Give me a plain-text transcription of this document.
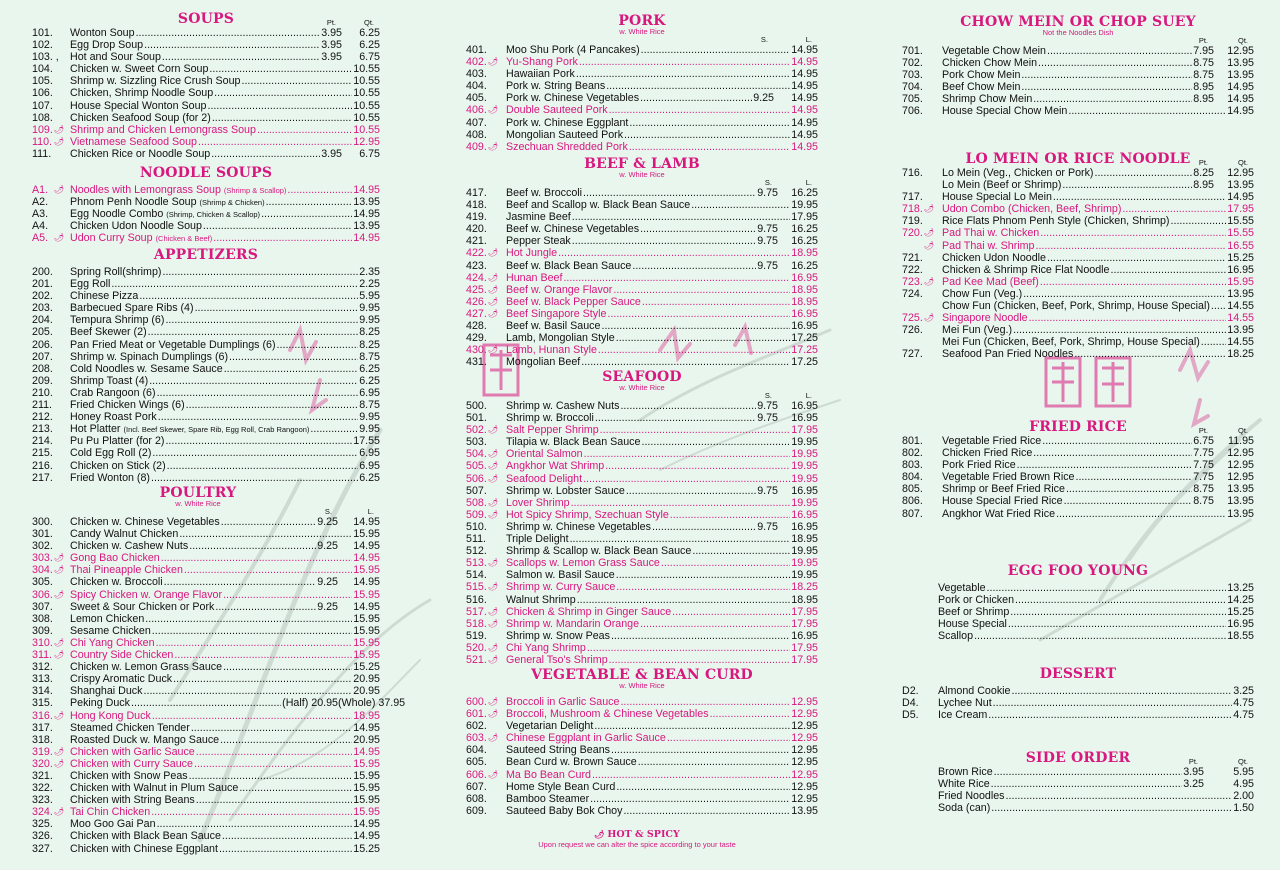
SOUPS	Pt.	Qt.
101. Wonton Soup .....	3.95	6.25
102. Egg Drop Soup .....	3.95	6.25
103. , Hot and Sour Soup .....	3.95	6.75
104. Chicken w. Sweet Corn Soup .....	10.55
105. Shrimp w. Sizzling Rice Crush Soup .....	10.55
106. Chicken, Shrimp Noodle Soup .....	10.55
107. House Special Wonton Soup .....	10.55
108. Chicken Seafood Soup (for 2) .....	10.55
109. 🌶 Shrimp and Chicken Lemongrass Soup .....	10.55
110. 🌶 Vietnamese Seafood Soup .....	12.95
111. Chicken Rice or Noodle Soup .....	3.95	6.75
NOODLE SOUPS
A1. 🌶 Noodles with Lemongrass Soup (Shrimp & Scallop) .....	14.95
A2. Phnom Penh Noodle Soup (Shrimp & Chicken) .....	13.95
A3. Egg Noodle Combo (Shrimp, Chicken & Scallop) .....	14.95
A4. Chicken Udon Noodle Soup .....	13.95
A5. 🌶 Udon Curry Soup (Chicken & Beef) .....	14.95
APPETIZERS
200. Spring Roll(shrimp) .....	2.35
201. Egg Roll .....	2.25
202. Chinese Pizza .....	5.95
203. Barbecued Spare Ribs (4) .....	9.95
204. Tempura Shrimp (6) .....	9.95
205. Beef Skewer (2) .....	8.25
206. Pan Fried Meat or Vegetable Dumplings (6) .....	8.25
207. Shrimp w. Spinach Dumplings (6) .....	8.75
208. Cold Noodles w. Sesame Sauce .....	6.25
209. Shrimp Toast (4) .....	6.25
210. Crab Rangoon (6) .....	6.95
211. Fried Chicken Wings (6) .....	8.75
212. Honey Roast Pork .....	9.95
213. Hot Platter (Incl. Beef Skewer, Spare Rib, Egg Roll, Crab Rangoon) .....	9.95
214. Pu Pu Platter (for 2) .....	17.55
215. Cold Egg Roll (2) .....	6.95
216. Chicken on Stick (2) .....	6.95
217. Fried Wonton (8) .....	6.25
POULTRY
w. White Rice
S.	L.
300. Chicken w. Chinese Vegetables .....	9.25	14.95
301. Candy Walnut Chicken .....	15.95
302. Chicken w. Cashew Nuts .....	9.25	14.95
303. 🌶 Gong Bao Chicken .....	14.95
304. 🌶 Thai Pineapple Chicken .....	15.95
305. Chicken w. Broccoli .....	9.25	14.95
306. 🌶 Spicy Chicken w. Orange Flavor .....	15.95
307. Sweet & Sour Chicken or Pork .....	9.25	14.95
308. Lemon Chicken .....	15.95
309. Sesame Chicken .....	15.95
310. 🌶 Chi Yang Chicken .....	15.95
311. 🌶 Country Side Chicken .....	15.95
312. Chicken w. Lemon Grass Sauce .....	15.25
313. Crispy Aromatic Duck .....	20.95
314. Shanghai Duck .....	20.95
315. Peking Duck .....	(Half) 20.95 (Whole) 37.95
316. 🌶 Hong Kong Duck .....	18.95
317. Steamed Chicken Tender .....	14.95
318. Roasted Duck w. Mango Sauce .....	20.95
319. 🌶 Chicken with Garlic Sauce .....	14.95
320. 🌶 Chicken with Curry Sauce .....	15.95
321. Chicken with Snow Peas .....	15.95
322. Chicken with Walnut in Plum Sauce .....	15.95
323. Chicken with String Beans .....	15.95
324. 🌶 Tai Chin Chicken .....	15.95
325. Moo Goo Gai Pan .....	14.95
326. Chicken with Black Bean Sauce .....	14.95
327. Chicken with Chinese Eggplant .....	15.25
PORK
w. White Rice
S.	L.
401. Moo Shu Pork (4 Pancakes) .....	14.95
402. 🌶 Yu-Shang Pork .....	14.95
403. Hawaiian Pork .....	14.95
404. Pork w. String Beans .....	14.95
405. Pork w. Chinese Vegetables .....	9.25	14.95
406. 🌶 Double Sauteed Pork .....	14.95
407. Pork w. Chinese Eggplant .....	14.95
408. Mongolian Sauteed Pork .....	14.95
409. 🌶 Szechuan Shredded Pork .....	14.95
BEEF & LAMB
w. White Rice
S.	L.
417. Beef w. Broccoli .....	9.75	16.25
418. Beef and Scallop w. Black Bean Sauce .....	19.95
419. Jasmine Beef .....	17.95
420. Beef w. Chinese Vegetables .....	9.75	16.25
421. Pepper Steak .....	9.75	16.25
422. 🌶 Hot Jungle .....	18.95
423. Beef w. Black Bean Sauce .....	9.75	16.25
424. 🌶 Hunan Beef .....	16.95
425. 🌶 Beef w. Orange Flavor .....	18.95
426. 🌶 Beef w. Black Pepper Sauce .....	18.95
427. 🌶 Beef Singapore Style .....	16.95
428. Beef w. Basil Sauce .....	16.95
429. Lamb, Mongolian Style .....	17.25
430. 🌶 Lamb, Hunan Style .....	17.25
431. Mongolian Beef .....	17.25
SEAFOOD
w. White Rice
S.	L.
500. Shrimp w. Cashew Nuts .....	9.75	16.95
501. Shrimp w. Broccoli .....	9.75	16.95
502. 🌶 Salt Pepper Shrimp .....	17.95
503. Tilapia w. Black Bean Sauce .....	19.95
504. 🌶 Oriental Salmon .....	19.95
505. 🌶 Angkhor Wat Shrimp .....	19.95
506. 🌶 Seafood Delight .....	19.95
507. Shrimp w. Lobster Sauce .....	9.75	16.95
508. 🌶 Lover Shrimp .....	19.95
509. 🌶 Hot Spicy Shrimp, Szechuan Style .....	16.95
510. Shrimp w. Chinese Vegetables .....	9.75	16.95
511. Triple Delight .....	18.95
512. Shrimp & Scallop w. Black Bean Sauce .....	19.95
513. 🌶 Scallops w. Lemon Grass Sauce .....	19.95
514. Salmon w. Basil Sauce .....	19.95
515. 🌶 Shrimp w. Curry Sauce .....	18.25
516. Walnut Shrimp .....	18.95
517. 🌶 Chicken & Shrimp in Ginger Sauce .....	17.95
518. 🌶 Shrimp w. Mandarin Orange .....	17.95
519. Shrimp w. Snow Peas .....	16.95
520. 🌶 Chi Yang Shrimp .....	17.95
521. 🌶 General Tso's Shrimp .....	17.95
VEGETABLE & BEAN CURD
w. White Rice
600. 🌶 Broccoli in Garlic Sauce .....	12.95
601. 🌶 Broccoli, Mushroom & Chinese Vegetables .....	12.95
602. Vegetarian Delight .....	12.95
603. 🌶 Chinese Eggplant in Garlic Sauce .....	12.95
604. Sauteed String Beans .....	12.95
605. Bean Curd w. Brown Sauce .....	12.95
606. 🌶 Ma Bo Bean Curd .....	12.95
607. Home Style Bean Curd .....	12.95
608. Bamboo Steamer .....	12.95
609. Sauteed Baby Bok Choy .....	13.95
CHOW MEIN OR CHOP SUEY
Not the Noodles Dish
Pt.	Qt.
701. Vegetable Chow Mein .....	7.95	12.95
702. Chicken Chow Mein .....	8.75	13.95
703. Pork Chow Mein .....	8.75	13.95
704. Beef Chow Mein .....	8.95	14.95
705. Shrimp Chow Mein .....	8.95	14.95
706. House Special Chow Mein .....	14.95
LO MEIN OR RICE NOODLE	Pt.	Qt.
716. Lo Mein (Veg., Chicken or Pork) .....	8.25	12.95
Lo Mein (Beef or Shrimp) .....	8.95	13.95
717. House Special Lo Mein .....	14.95
718. 🌶 Udon Combo (Chicken, Beef, Shrimp) .....	17.95
719. Rice Flats Phnom Penh Style (Chicken, Shrimp) .....	15.55
720. 🌶 Pad Thai w. Chicken .....	15.55
🌶 Pad Thai w. Shrimp .....	16.55
721. Chicken Udon Noodle .....	15.25
722. Chicken & Shrimp Rice Flat Noodle .....	16.95
723. 🌶 Pad Kee Mad (Beef) .....	15.95
724. Chow Fun (Veg.) .....	13.95
Chow Fun (Chicken, Beef, Pork, Shrimp, House Special) ..... 14.55
725. 🌶 Singapore Noodle .....	14.55
726. Mei Fun (Veg.) .....	13.95
Mei Fun (Chicken, Beef, Pork, Shrimp, House Special) .....	14.55
727. Seafood Pan Fried Noodles .....	18.25
FRIED RICE	Pt.	Qt.
801. Vegetable Fried Rice .....	6.75	11.95
802. Chicken Fried Rice .....	7.75	12.95
803. Pork Fried Rice .....	7.75	12.95
804. Vegetable Fried Brown Rice .....	7.75	12.95
805. Shrimp or Beef Fried Rice .....	8.75	13.95
806. House Special Fried Rice .....	8.75	13.95
807. Angkhor Wat Fried Rice .....	13.95
EGG FOO YOUNG
Vegetable .....	13.25
Pork or Chicken .....	14.25
Beef or Shrimp .....	15.25
House Special .....	16.95
Scallop .....	18.55
DESSERT
D2. Almond Cookie .....	3.25
D4. Lychee Nut .....	4.75
D5. Ice Cream .....	4.75
SIDE ORDER	Pt.	Qt.
Brown Rice .....	3.95	5.95
White Rice .....	3.25	4.95
Fried Noodles .....	2.00
Soda (can) .....	1.50
🌶 HOT & SPICY
Upon request we can alter the spice according to your taste
